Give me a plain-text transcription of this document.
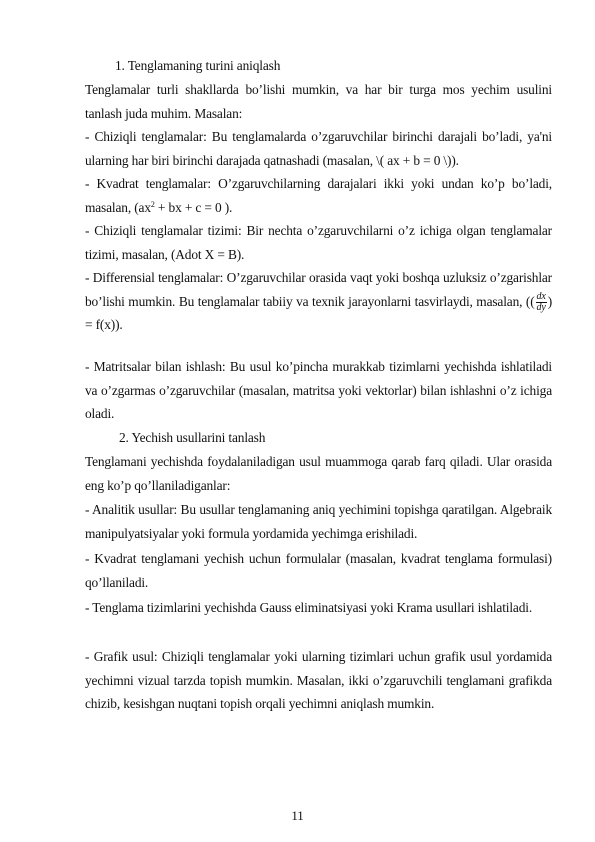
1. Tenglamaning turini aniqlash

Tenglamalar turli shakllarda bo’lishi mumkin, va har bir turga mos yechim usulini tanlash juda muhim. Masalan:

- Chiziqli tenglamalar: Bu tenglamalarda o’zgaruvchilar birinchi darajali bo’ladi, ya'ni ularning har biri birinchi darajada qatnashadi (masalan, \( ax + b = 0 \)).

- Kvadrat tenglamalar: O’zgaruvchilarning darajalari ikki yoki undan ko’p bo’ladi, masalan, ($ax^2$ + bx + c = 0 ).

- Chiziqli tenglamalar tizimi: Bir nechta o’zgaruvchilarni o’z ichiga olgan tenglamalar tizimi, masalan, (Adot X = B).

- Differensial tenglamalar: O’zgaruvchilar orasida vaqt yoki boshqa uzluksiz o’zgarishlar bo’lishi mumkin. Bu tenglamalar tabiiy va texnik jarayonlarni tasvirlaydi, masalan, (( $\frac{dx}{dy}$ ) = f(x)).

- Matritsalar bilan ishlash: Bu usul ko’pincha murakkab tizimlarni yechishda ishlatiladi va o’zgarmas o’zgaruvchilar (masalan, matritsa yoki vektorlar) bilan ishlashni o’z ichiga oladi.

2. Yechish usullarini tanlash

Tenglamani yechishda foydalaniladigan usul muammoga qarab farq qiladi. Ular orasida eng ko’p qo’llaniladiganlar:

- Analitik usullar: Bu usullar tenglamaning aniq yechimini topishga qaratilgan. Algebraik manipulyatsiyalar yoki formula yordamida yechimga erishiladi.

- Kvadrat tenglamani yechish uchun formulalar (masalan, kvadrat tenglama formulasi) qo’llaniladi.

- Tenglama tizimlarini yechishda Gauss eliminatsiyasi yoki Krama usullari ishlatiladi.

- Grafik usul: Chiziqli tenglamalar yoki ularning tizimlari uchun grafik usul yordamida yechimni vizual tarzda topish mumkin. Masalan, ikki o’zgaruvchili tenglamani grafikda chizib, kesishgan nuqtani topish orqali yechimni aniqlash mumkin.

11
